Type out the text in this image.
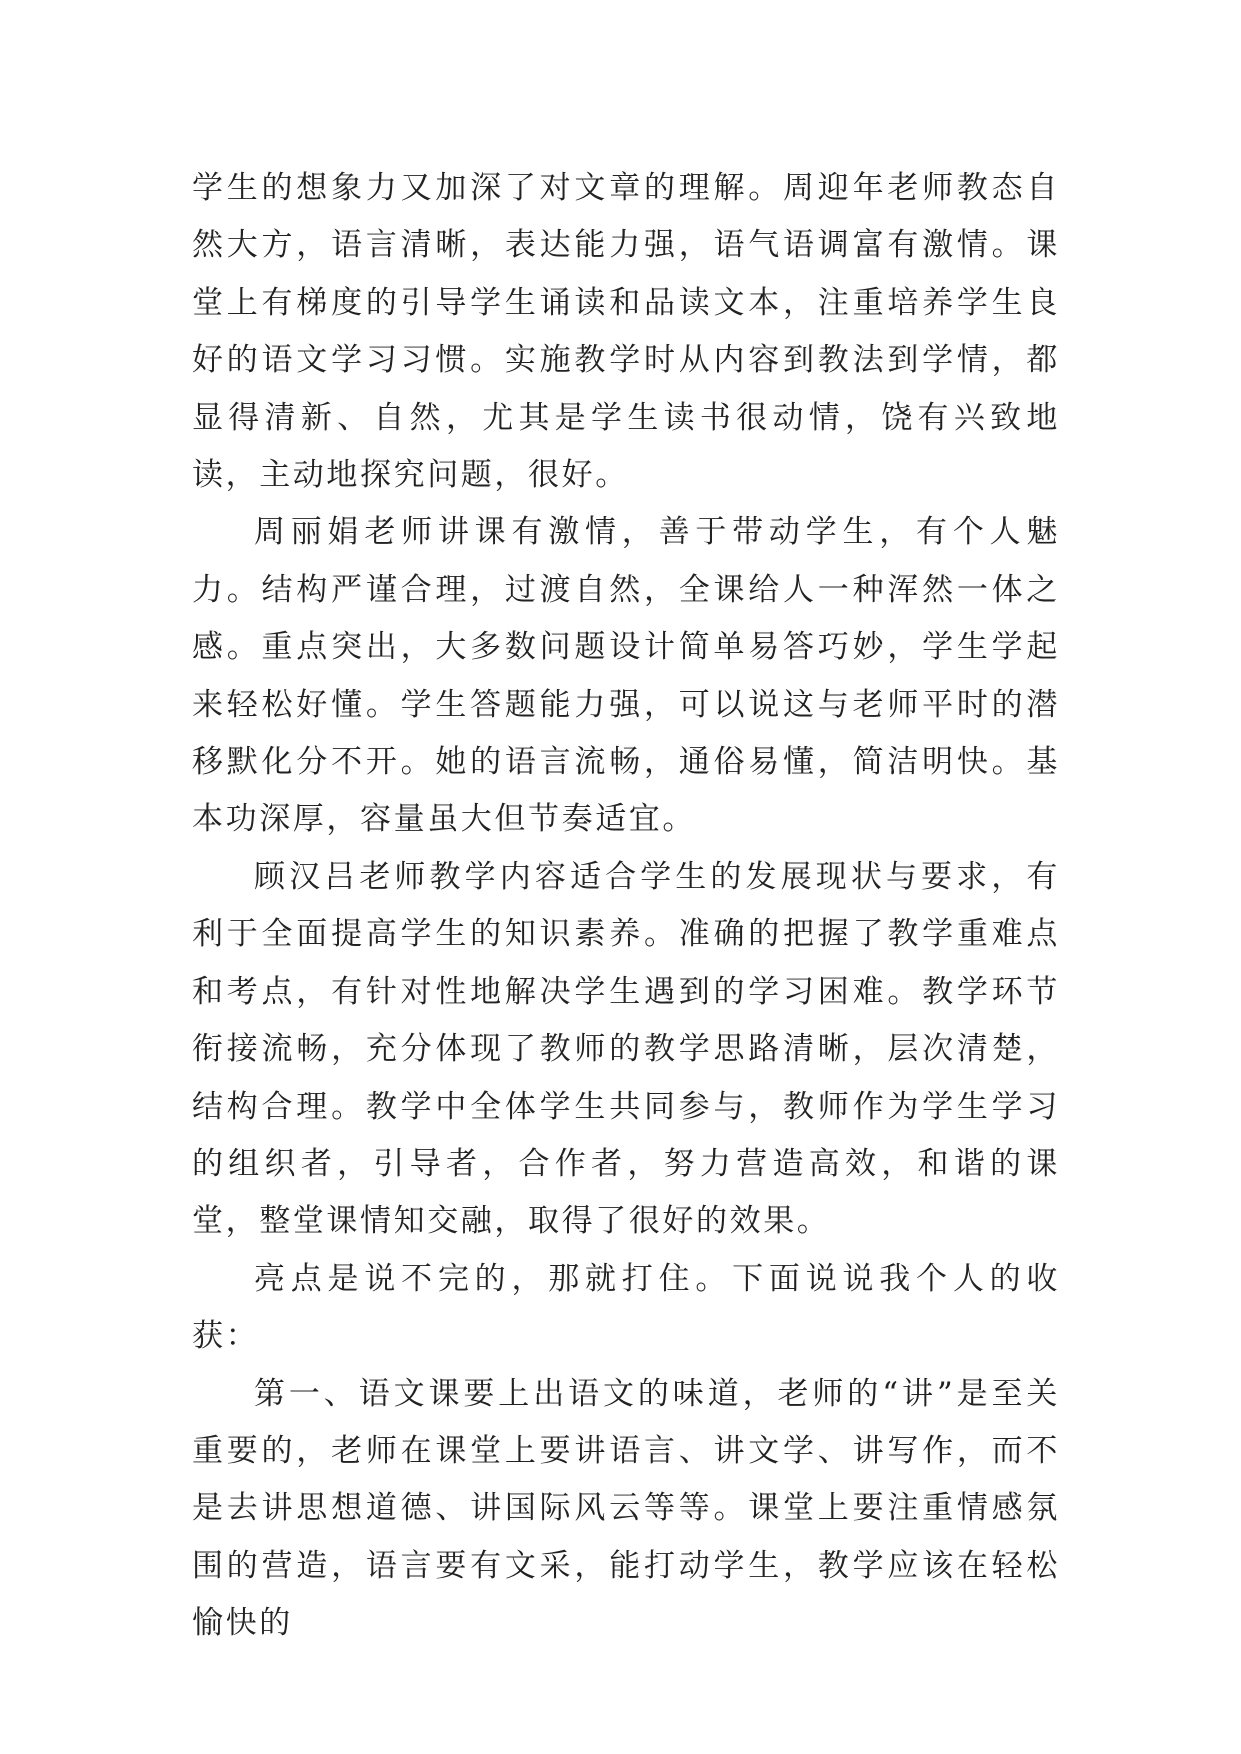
学生的想象力又加深了对文章的理解。周迎年老师教态自然大方，语言清晰，表达能力强，语气语调富有激情。课堂上有梯度的引导学生诵读和品读文本，注重培养学生良好的语文学习习惯。实施教学时从内容到教法到学情，都显得清新、自然，尤其是学生读书很动情，饶有兴致地读，主动地探究问题，很好。

周丽娟老师讲课有激情，善于带动学生，有个人魅力。结构严谨合理，过渡自然，全课给人一种浑然一体之感。重点突出，大多数问题设计简单易答巧妙，学生学起来轻松好懂。学生答题能力强，可以说这与老师平时的潜移默化分不开。她的语言流畅，通俗易懂，简洁明快。基本功深厚，容量虽大但节奏适宜。

顾汉吕老师教学内容适合学生的发展现状与要求，有利于全面提高学生的知识素养。准确的把握了教学重难点和考点，有针对性地解决学生遇到的学习困难。教学环节衔接流畅，充分体现了教师的教学思路清晰，层次清楚，结构合理。教学中全体学生共同参与，教师作为学生学习的组织者，引导者，合作者，努力营造高效，和谐的课堂，整堂课情知交融，取得了很好的效果。

亮点是说不完的，那就打住。下面说说我个人的收获：

第一、语文课要上出语文的味道，老师的“讲”是至关重要的，老师在课堂上要讲语言、讲文学、讲写作，而不是去讲思想道德、讲国际风云等等。课堂上要注重情感氛围的营造，语言要有文采，能打动学生，教学应该在轻松愉快的
